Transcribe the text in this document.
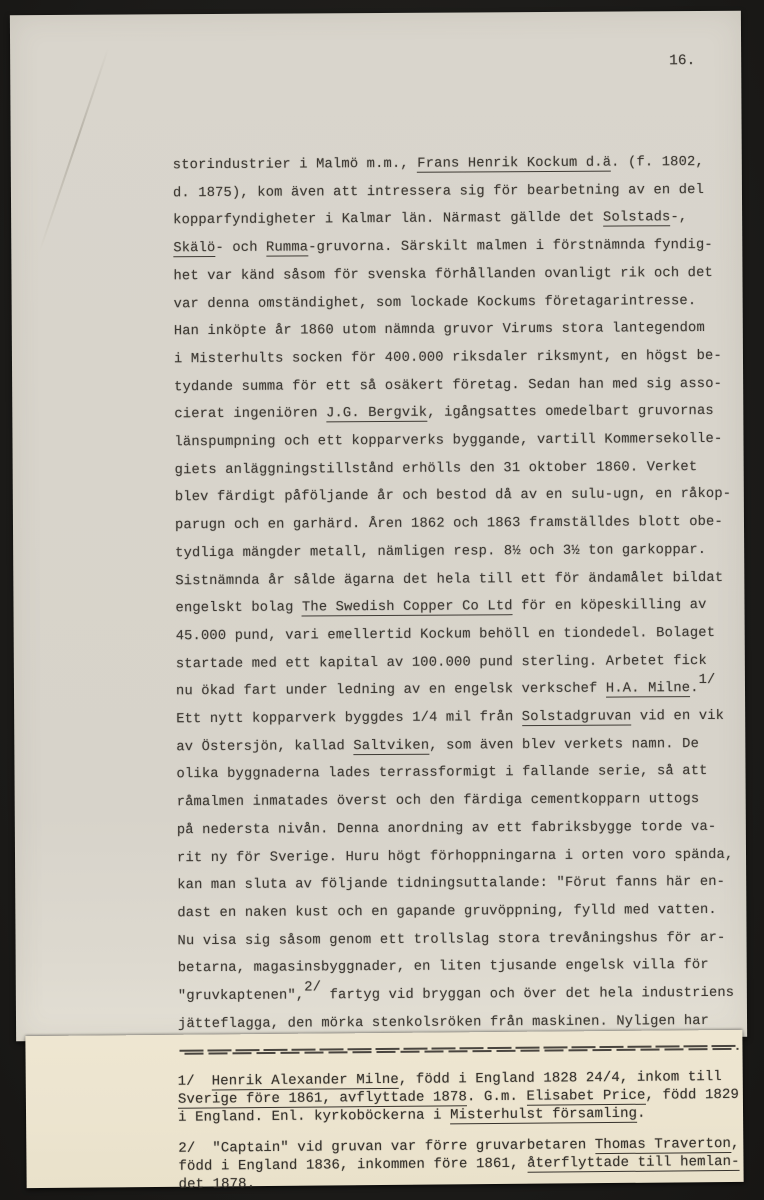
16.
storindustrier i Malmö m.m., Frans Henrik Kockum d.ä. (f. 1802,
d. 1875), kom även att intressera sig för bearbetning av en del
kopparfyndigheter i Kalmar län. Närmast gällde det Solstads-,
Skälö- och Rumma-gruvorna. Särskilt malmen i förstnämnda fyndig-
het var känd såsom för svenska förhållanden ovanligt rik och det
var denna omständighet, som lockade Kockums företagarintresse.
Han inköpte år 1860 utom nämnda gruvor Virums stora lantegendom
i Misterhults socken för 400.000 riksdaler riksmynt, en högst be-
tydande summa för ett så osäkert företag. Sedan han med sig asso-
cierat ingeniören J.G. Bergvik, igångsattes omedelbart gruvornas
länspumpning och ett kopparverks byggande, vartill Kommersekolle-
giets anläggningstillstånd erhölls den 31 oktober 1860. Verket
blev färdigt påföljande år och bestod då av en sulu-ugn, en råkop-
parugn och en garhärd. Åren 1862 och 1863 framställdes blott obe-
tydliga mängder metall, nämligen resp. 8½ och 3½ ton garkoppar.
Sistnämnda år sålde ägarna det hela till ett för ändamålet bildat
engelskt bolag The Swedish Copper Co Ltd för en köpeskilling av
45.000 pund, vari emellertid Kockum behöll en tiondedel. Bolaget
startade med ett kapital av 100.000 pund sterling. Arbetet fick
nu ökad fart under ledning av en engelsk verkschef H.A. Milne.1/
Ett nytt kopparverk byggdes 1/4 mil från Solstadgruvan vid en vik
av Östersjön, kallad Saltviken, som även blev verkets namn. De
olika byggnaderna lades terrassformigt i fallande serie, så att
råmalmen inmatades överst och den färdiga cementkopparn uttogs
på nedersta nivån. Denna anordning av ett fabriksbygge torde va-
rit ny för Sverige. Huru högt förhoppningarna i orten voro spända,
kan man sluta av följande tidningsuttalande: "Förut fanns här en-
dast en naken kust och en gapande gruvöppning, fylld med vatten.
Nu visa sig såsom genom ett trollslag stora trevåningshus för ar-
betarna, magasinsbyggnader, en liten tjusande engelsk villa för
"gruvkaptenen",2/ fartyg vid bryggan och över det hela industriens
jätteflagga, den mörka stenkolsröken från maskinen. Nyligen har
1/  Henrik Alexander Milne, född i England 1828 24/4, inkom till
Sverige före 1861, avflyttade 1878. G.m. Elisabet Price, född 1829
i England. Enl. kyrkoböckerna i Misterhulst församling.
2/  "Captain" vid gruvan var förre gruvarbetaren Thomas Traverton,
född i England 1836, inkommen före 1861, återflyttade till hemlan-
det 1878.
